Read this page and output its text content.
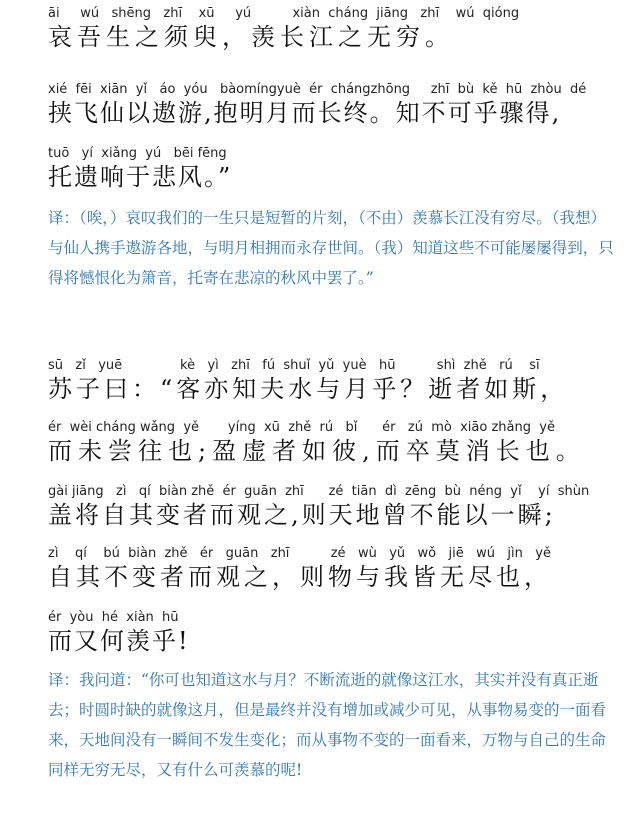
āi     wú   shēng   zhī    xū     yú          xiàn  cháng  jiāng   zhī    wú  qióng
哀吾生之须臾，羡长江之无穷。
xié  fēi  xiān  yǐ   áo  yóu   bàomíngyuè  ér  chángzhōng     zhī  bù  kě  hū  zhòu  dé
挟飞仙以遨游,抱明月而长终。知不可乎骤得,
tuō   yí  xiǎng  yú   bēi fēng
托遗响于悲风。”
译：（唉，）哀叹我们的一生只是短暂的片刻，（不由）羡慕长江没有穷尽。（我想）与仙人携手遨游各地，与明月相拥而永存世间。（我）知道这些不可能屡屡得到，只得将憾恨化为箫音，托寄在悲凉的秋风中罢了。”
sū   zǐ   yuē              kè   yì   zhī   fú  shuǐ  yǔ  yuè   hū          shì  zhě   rú    sī
苏子曰：“客亦知夫水与月乎？逝者如斯，
ér  wèi cháng wǎng  yě       yíng  xū  zhě  rú   bǐ      ér   zú  mò  xiāo zhǎng  yě
而未尝往也;盈虚者如彼,而卒莫消长也。
gài jiāng   zì   qí  biàn zhě  ér  guān  zhī      zé  tiān  dì  zēng  bù  néng  yǐ    yí  shùn
盖将自其变者而观之,则天地曾不能以一瞬;
zì    qí    bú  biàn  zhě   ér   guān   zhī          zé   wù   yǔ   wǒ   jiē   wú   jìn   yě
自其不变者而观之，则物与我皆无尽也，
ér  yòu  hé  xiàn  hū
而又何羡乎!
译：我问道：“你可也知道这水与月？不断流逝的就像这江水，其实并没有真正逝去；时圆时缺的就像这月，但是最终并没有增加或减少可见，从事物易变的一面看来，天地间没有一瞬间不发生变化；而从事物不变的一面看来，万物与自己的生命同样无穷无尽，又有什么可羡慕的呢!
